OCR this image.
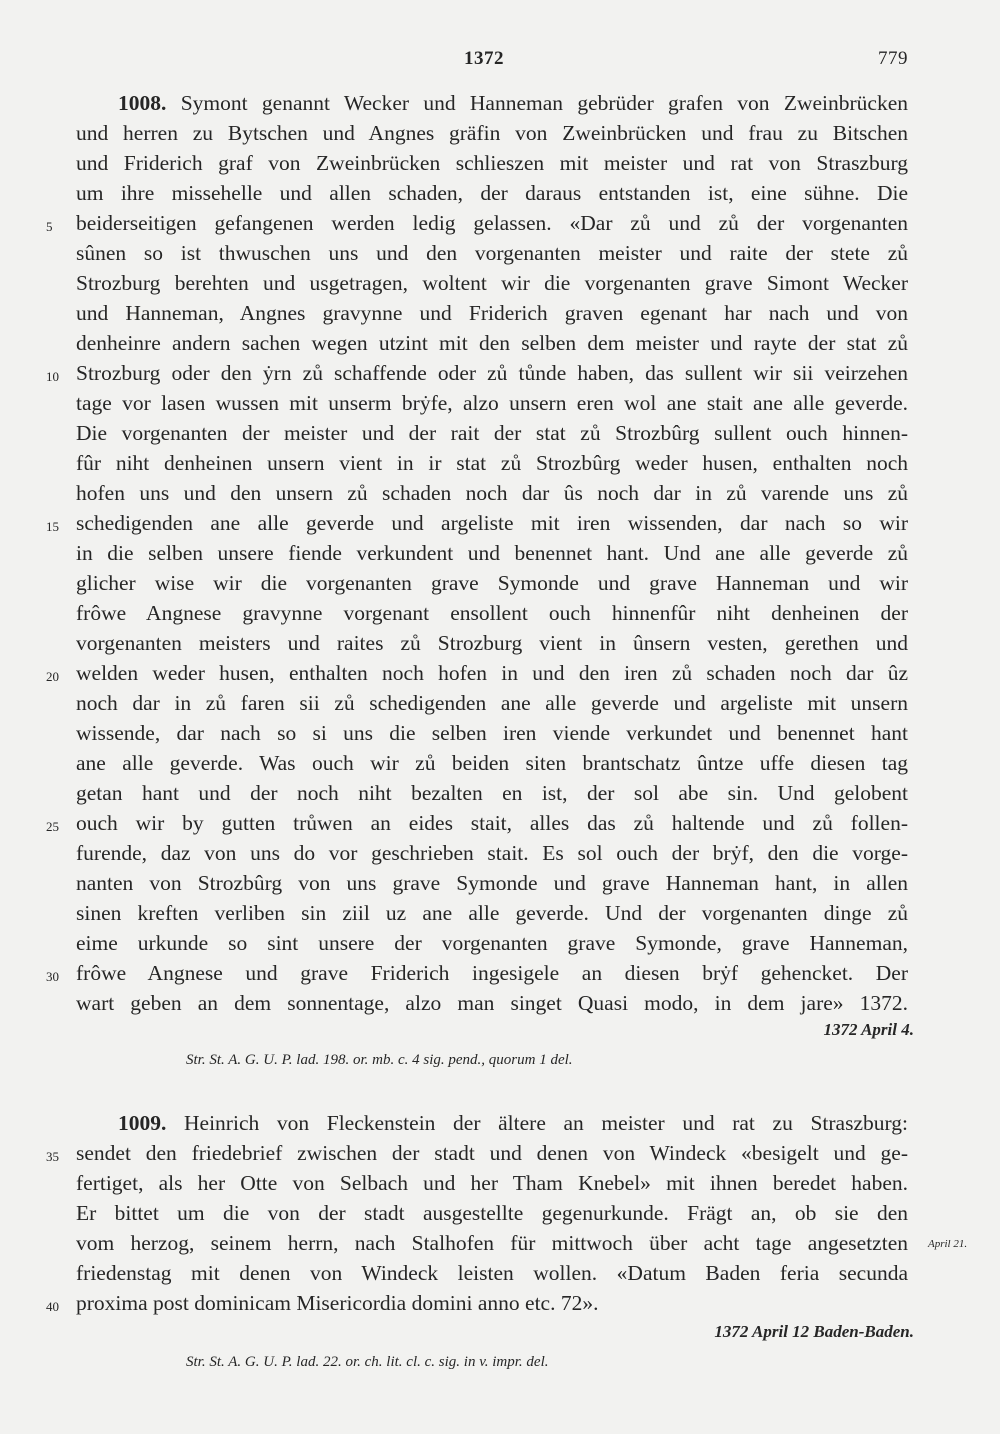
1372	779
1008. Symont genannt Wecker und Hanneman gebrüder grafen von Zweinbrücken
und herren zu Bytschen und Angnes gräfin von Zweinbrücken und frau zu Bitschen
und Friderich graf von Zweinbrücken schlieszen mit meister und rat von Straszburg
um ihre missehelle und allen schaden, der daraus entstanden ist, eine sühne. Die
beiderseitigen gefangenen werden ledig gelassen. «Dar zů und zů der vorgenanten
sûnen so ist thwuschen uns und den vorgenanten meister und raite der stete zů
Strozburg berehten und usgetragen, woltent wir die vorgenanten grave Simont Wecker
und Hanneman, Angnes gravynne und Friderich graven egenant har nach und von
denheinre andern sachen wegen utzint mit den selben dem meister und rayte der stat zů
Strozburg oder den ẏrn zů schaffende oder zů tůnde haben, das sullent wir sii veirzehen
tage vor lasen wussen mit unserm brẏfe, alzo unsern eren wol ane stait ane alle geverde.
Die vorgenanten der meister und der rait der stat zů Strozbûrg sullent ouch hinnen-
fûr niht denheinen unsern vient in ir stat zů Strozbûrg weder husen, enthalten noch
hofen uns und den unsern zů schaden noch dar ûs noch dar in zů varende uns zů
schedigenden ane alle geverde und argeliste mit iren wissenden, dar nach so wir
in die selben unsere fiende verkundent und benennet hant. Und ane alle geverde zů
glicher wise wir die vorgenanten grave Symonde und grave Hanneman und wir
frôwe Angnese gravynne vorgenant ensollent ouch hinnenfûr niht denheinen der
vorgenanten meisters und raites zů Strozburg vient in ûnsern vesten, gerethen und
welden weder husen, enthalten noch hofen in und den iren zů schaden noch dar ûz
noch dar in zů faren sii zů schedigenden ane alle geverde und argeliste mit unsern
wissende, dar nach so si uns die selben iren viende verkundet und benennet hant
ane alle geverde. Was ouch wir zů beiden siten brantschatz ûntze uffe diesen tag
getan hant und der noch niht bezalten en ist, der sol abe sin. Und gelobent
ouch wir by gutten trůwen an eides stait, alles das zů haltende und zů follen-
furende, daz von uns do vor geschrieben stait. Es sol ouch der brẏf, den die vorge-
nanten von Strozbûrg von uns grave Symonde und grave Hanneman hant, in allen
sinen kreften verliben sin ziil uz ane alle geverde. Und der vorgenanten dinge zů
eime urkunde so sint unsere der vorgenanten grave Symonde, grave Hanneman,
frôwe Angnese und grave Friderich ingesigele an diesen brẏf gehencket. Der
wart geben an dem sonnentage, alzo man singet Quasi modo, in dem jare» 1372.
1372 April 4.
Str. St. A. G. U. P. lad. 198. or. mb. c. 4 sig. pend., quorum 1 del.
1009. Heinrich von Fleckenstein der ältere an meister und rat zu Straszburg:
sendet den friedebrief zwischen der stadt und denen von Windeck «besigelt und ge-
fertiget, als her Otte von Selbach und her Tham Knebel» mit ihnen beredet haben.
Er bittet um die von der stadt ausgestellte gegenurkunde. Frägt an, ob sie den
vom herzog, seinem herrn, nach Stalhofen für mittwoch über acht tage angesetzten
friedenstag mit denen von Windeck leisten wollen. «Datum Baden feria secunda
proxima post dominicam Misericordia domini anno etc. 72».
April 21.
1372 April 12 Baden-Baden.
Str. St. A. G. U. P. lad. 22. or. ch. lit. cl. c. sig. in v. impr. del.
5
10
15
20
25
30
35
40
